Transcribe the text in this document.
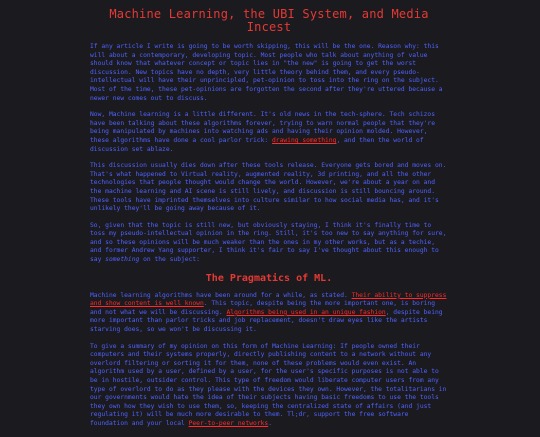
Machine Learning, the UBI System, and Media Incest

If any article I write is going to be worth skipping, this will be the one. Reason why: this will about a contemporary, developing topic. Most people who talk about anything of value should know that whatever concept or topic lies in "the new" is going to get the worst discussion. New topics have no depth, very little theory behind them, and every pseudo-intellectual will have their unprincipled, pet-opinion to toss into the ring on the subject. Most of the time, these pet-opinions are forgotten the second after they're uttered because a newer new comes out to discuss.

Now, Machine learning is a little different. It's old news in the tech-sphere. Tech schizos have been talking about these algorithms forever, trying to warn normal people that they're being manipulated by machines into watching ads and having their opinion molded. However, these algorithms have done a cool parlor trick: drawing something, and then the world of discussion set ablaze.

This discussion usually dies down after these tools release. Everyone gets bored and moves on. That's what happened to Virtual reality, augmented reality, 3d printing, and all the other technologies that people thought would change the world. However, we're about a year on and the machine learning and AI scene is still lively, and discussion is still bouncing around. These tools have imprinted themselves into culture similar to how social media has, and it's unlikely they'll be going away because of it.

So, given that the topic is still new, but obviously staying, I think it's finally time to toss my pseudo-intellectual opinion in the ring. Still, it's too new to say anything for sure, and so these opinions will be much weaker than the ones in my other works, but as a techie, and former Andrew Yang supporter, I think it's fair to say I've thought about this enough to say something on the subject:

The Pragmatics of ML.

Machine learning algorithms have been around for a while, as stated. Their ability to suppress and show content is well known. This topic, despite being the more important one, is boring and not what we will be discussing. Algorithms being used in an unique fashion, despite being more important than parlor tricks and job replacement, doesn't draw eyes like the artists starving does, so we won't be discussing it.

To give a summary of my opinion on this form of Machine Learning: If people owned their computers and their systems properly, directly publishing content to a network without any overlord filtering or sorting it for them, none of these problems would even exist. An algorithm used by a user, defined by a user, for the user's specific purposes is not able to be in hostile, outsider control. This type of freedom would liberate computer users from any type of overlord to do as they please with the devices they own. However, the totalitarians in our governments would hate the idea of their subjects having basic freedoms to use the tools they own how they wish to use them, so, keeping the centralized state of affairs (and just regulating it) will be much more desirable to them. Tl;dr, support the free software foundation and your local Peer-to-peer networks.
